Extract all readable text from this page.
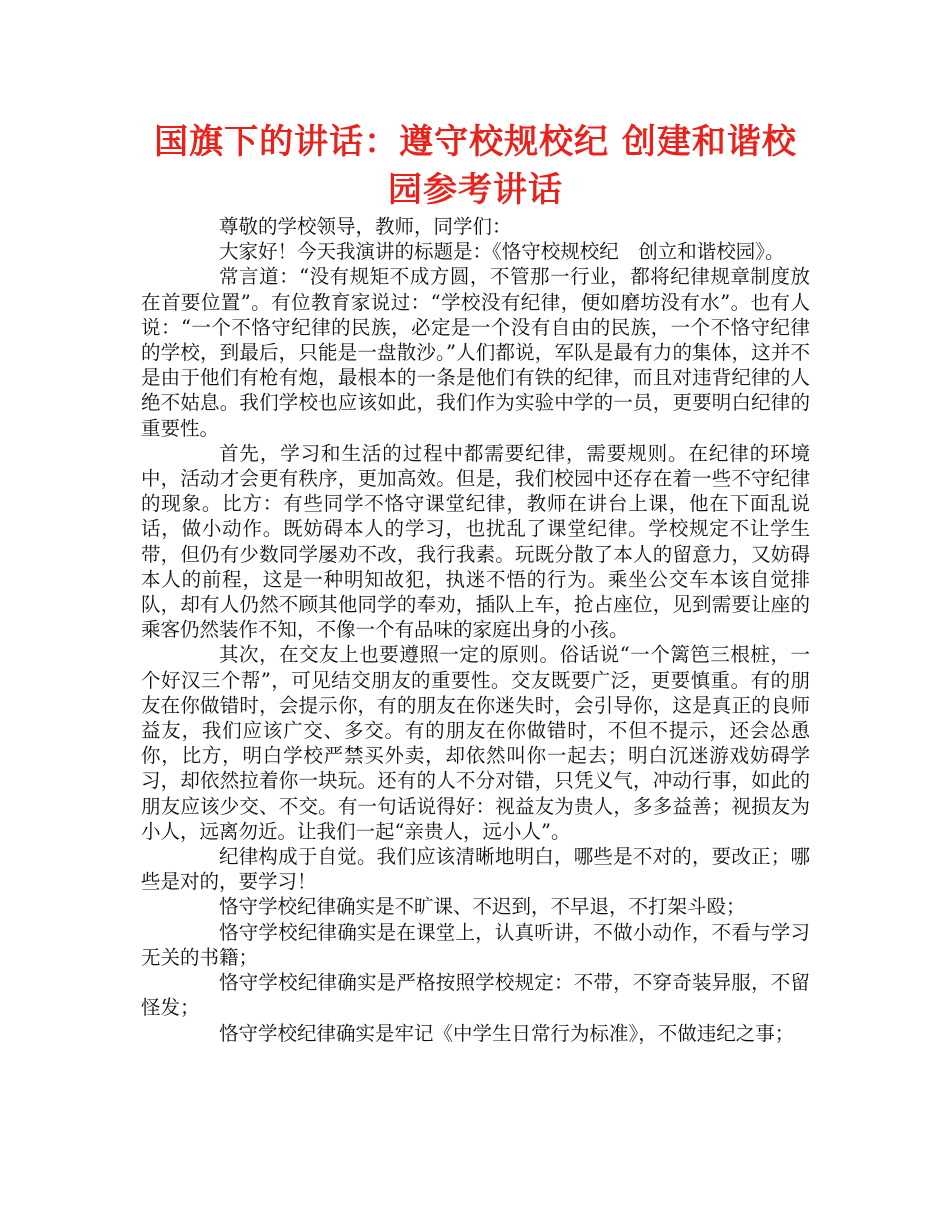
国旗下的讲话：遵守校规校纪 创建和谐校园参考讲话

尊敬的学校领导，教师，同学们：

大家好！今天我演讲的标题是：《恪守校规校纪　创立和谐校园》。

常言道：“没有规矩不成方圆，不管那一行业，都将纪律规章制度放在首要位置”。有位教育家说过：“学校没有纪律，便如磨坊没有水”。也有人说：“一个不恪守纪律的民族，必定是一个没有自由的民族，一个不恪守纪律的学校，到最后，只能是一盘散沙。”人们都说，军队是最有力的集体，这并不是由于他们有枪有炮，最根本的一条是他们有铁的纪律，而且对违背纪律的人绝不姑息。我们学校也应该如此，我们作为实验中学的一员，更要明白纪律的重要性。

首先，学习和生活的过程中都需要纪律，需要规则。在纪律的环境中，活动才会更有秩序，更加高效。但是，我们校园中还存在着一些不守纪律的现象。比方：有些同学不恪守课堂纪律，教师在讲台上课，他在下面乱说话，做小动作。既妨碍本人的学习，也扰乱了课堂纪律。学校规定不让学生带，但仍有少数同学屡劝不改，我行我素。玩既分散了本人的留意力，又妨碍本人的前程，这是一种明知故犯，执迷不悟的行为。乘坐公交车本该自觉排队，却有人仍然不顾其他同学的奉劝，插队上车，抢占座位，见到需要让座的乘客仍然装作不知，不像一个有品味的家庭出身的小孩。

其次，在交友上也要遵照一定的原则。俗话说“一个篱笆三根桩，一个好汉三个帮”，可见结交朋友的重要性。交友既要广泛，更要慎重。有的朋友在你做错时，会提示你，有的朋友在你迷失时，会引导你，这是真正的良师益友，我们应该广交、多交。有的朋友在你做错时，不但不提示，还会怂恿你，比方，明白学校严禁买外卖，却依然叫你一起去；明白沉迷游戏妨碍学习，却依然拉着你一块玩。还有的人不分对错，只凭义气，冲动行事，如此的朋友应该少交、不交。有一句话说得好：视益友为贵人，多多益善；视损友为小人，远离勿近。让我们一起“亲贵人，远小人”。

纪律构成于自觉。我们应该清晰地明白，哪些是不对的，要改正；哪些是对的，要学习！

恪守学校纪律确实是不旷课、不迟到，不早退，不打架斗殴；

恪守学校纪律确实是在课堂上，认真听讲，不做小动作，不看与学习无关的书籍；

恪守学校纪律确实是严格按照学校规定：不带，不穿奇装异服，不留怪发；

恪守学校纪律确实是牢记《中学生日常行为标准》，不做违纪之事；
